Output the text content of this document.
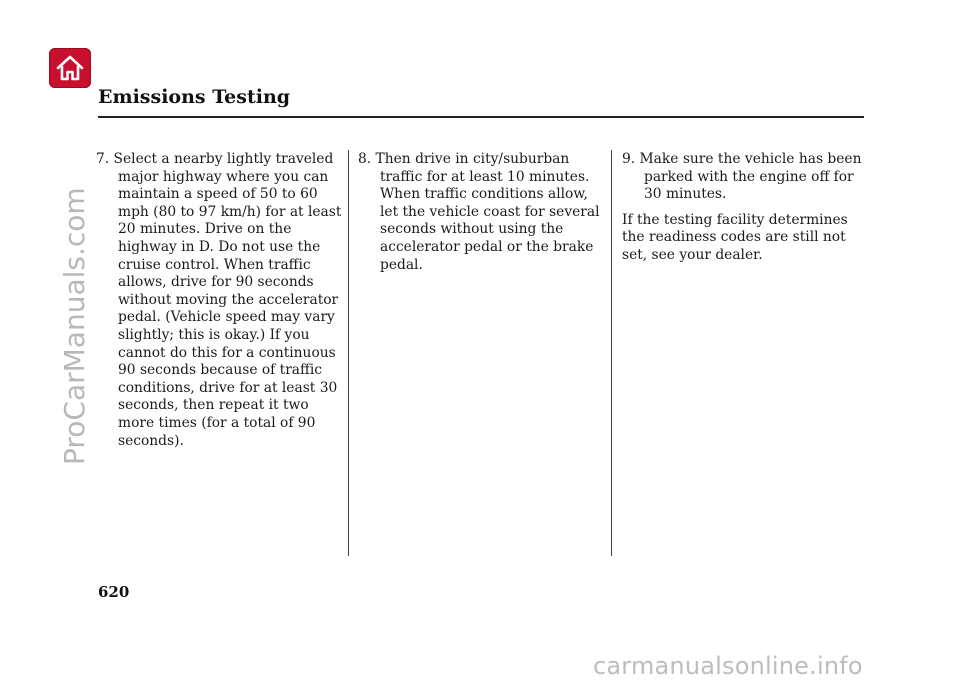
Emissions Testing

7. Select a nearby lightly traveled major highway where you can maintain a speed of 50 to 60 mph (80 to 97 km/h) for at least 20 minutes. Drive on the highway in D. Do not use the cruise control. When traffic allows, drive for 90 seconds without moving the accelerator pedal. (Vehicle speed may vary slightly; this is okay.) If you cannot do this for a continuous 90 seconds because of traffic conditions, drive for at least 30 seconds, then repeat it two more times (for a total of 90 seconds).

8. Then drive in city/suburban traffic for at least 10 minutes. When traffic conditions allow, let the vehicle coast for several seconds without using the accelerator pedal or the brake pedal.

9. Make sure the vehicle has been parked with the engine off for 30 minutes.

If the testing facility determines the readiness codes are still not set, see your dealer.

620
ProCarManuals.com
carmanualsonline.info
